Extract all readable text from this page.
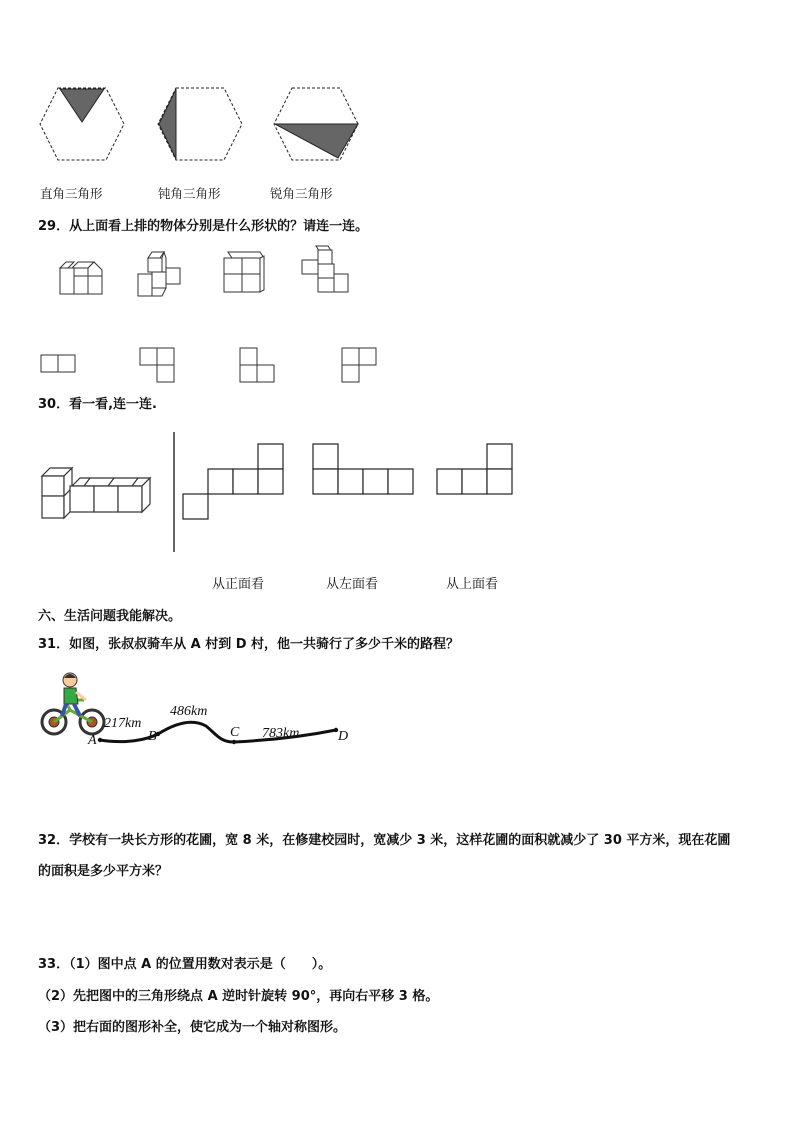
直角三角形	钝角三角形	锐角三角形
29．从上面看上排的物体分别是什么形状的？请连一连。
30．看一看,连一连.
从正面看	从左面看	从上面看
六、生活问题我能解决。
31．如图，张叔叔骑车从 A 村到 D 村，他一共骑行了多少千米的路程？
A	B	C	D
217km
486km
783km
32．学校有一块长方形的花圃，宽 8 米，在修建校园时，宽减少 3 米，这样花圃的面积就减少了 30 平方米，现在花圃
的面积是多少平方米？
33．（1）图中点 A 的位置用数对表示是（　　）。
（2）先把图中的三角形绕点 A 逆时针旋转 90°，再向右平移 3 格。
（3）把右面的图形补全，使它成为一个轴对称图形。
